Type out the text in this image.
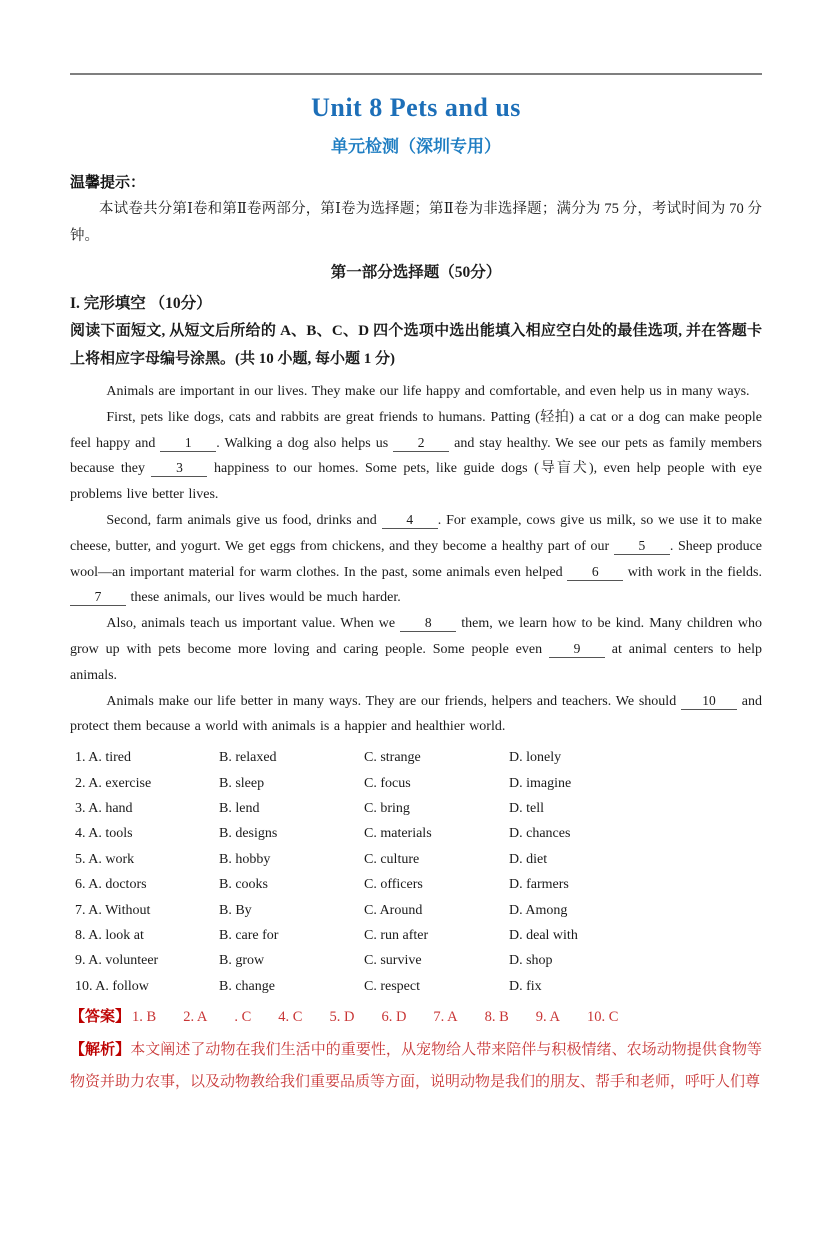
Unit 8 Pets and us
单元检测（深圳专用）
温馨提示：

本试卷共分第Ⅰ卷和第Ⅱ卷两部分，第Ⅰ卷为选择题；第Ⅱ卷为非选择题；满分为 75 分，考试时间为 70 分钟。

第一部分选择题（50分）
I. 完形填空 （10分）

阅读下面短文, 从短文后所给的 A、B、C、D 四个选项中选出能填入相应空白处的最佳选项, 并在答题卡上将相应字母编号涂黑。(共 10 小题, 每小题 1 分)

Animals are important in our lives. They make our life happy and comfortable, and even help us in many ways.

First, pets like dogs, cats and rabbits are great friends to humans. Patting (轻拍) a cat or a dog can make people feel happy and 1 . Walking a dog also helps us 2 and stay healthy. We see our pets as family members because they 3 happiness to our homes. Some pets, like guide dogs (导盲犬), even help people with eye problems live better lives.

Second, farm animals give us food, drinks and 4 . For example, cows give us milk, so we use it to make cheese, butter, and yogurt. We get eggs from chickens, and they become a healthy part of our 5 . Sheep produce wool—an important material for warm clothes. In the past, some animals even helped 6 with work in the fields. 7 these animals, our lives would be much harder.

Also, animals teach us important value. When we 8 them, we learn how to be kind. Many children who grow up with pets become more loving and caring people. Some people even 9 at animal centers to help animals.

Animals make our life better in many ways. They are our friends, helpers and teachers. We should 10 and protect them because a world with animals is a happier and healthier world.

1. A. tired	B. relaxed	C. strange	D. lonely
2. A. exercise	B. sleep	C. focus	D. imagine
3. A. hand	B. lend	C. bring	D. tell
4. A. tools	B. designs	C. materials	D. chances
5. A. work	B. hobby	C. culture	D. diet
6. A. doctors	B. cooks	C. officers	D. farmers
7. A. Without	B. By	C. Around	D. Among
8. A. look at	B. care for	C. run after	D. deal with
9. A. volunteer	B. grow	C. survive	D. shop
10. A. follow	B. change	C. respect	D. fix
【答案】 1. B 2. A . C 4. C 5. D 6. D 7. A 8. B 9. A 10. C

【解析】本文阐述了动物在我们生活中的重要性，从宠物给人带来陪伴与积极情绪、农场动物提供食物等物资并助力农事，以及动物教给我们重要品质等方面，说明动物是我们的朋友、帮手和老师，呼吁人们尊
